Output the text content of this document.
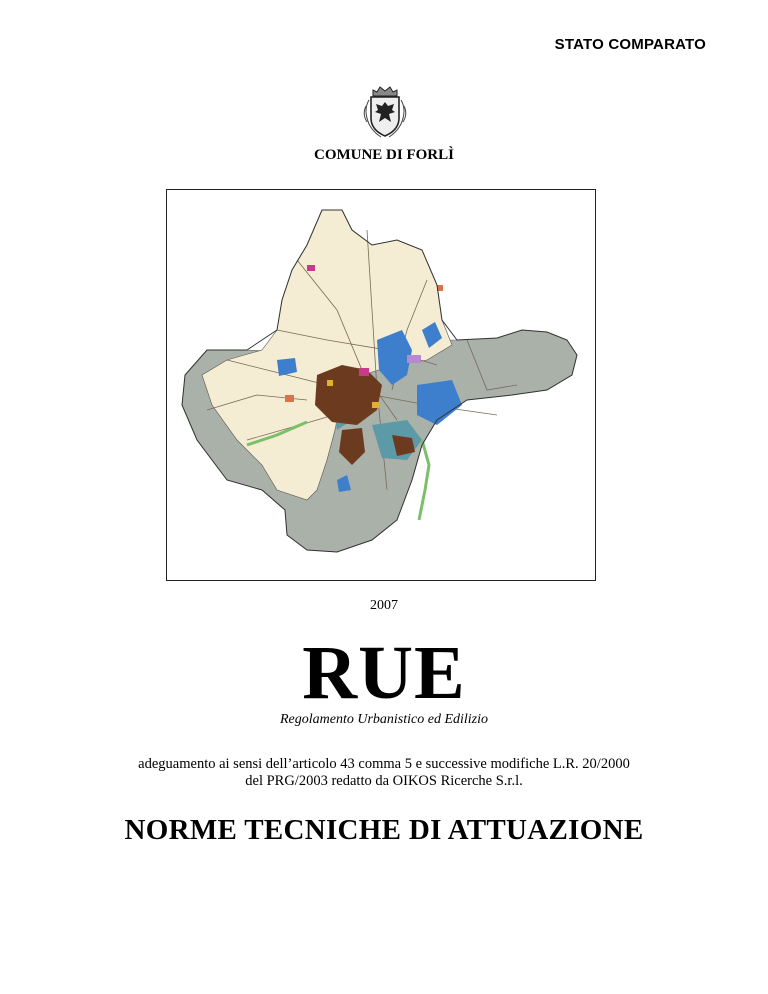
STATO COMPARATO
COMUNE DI FORLÌ
2007
RUE
Regolamento Urbanistico ed Edilizio
adeguamento ai sensi dell’articolo 43 comma 5 e successive modifiche L.R. 20/2000
del PRG/2003 redatto da OIKOS Ricerche S.r.l.
NORME TECNICHE DI ATTUAZIONE
